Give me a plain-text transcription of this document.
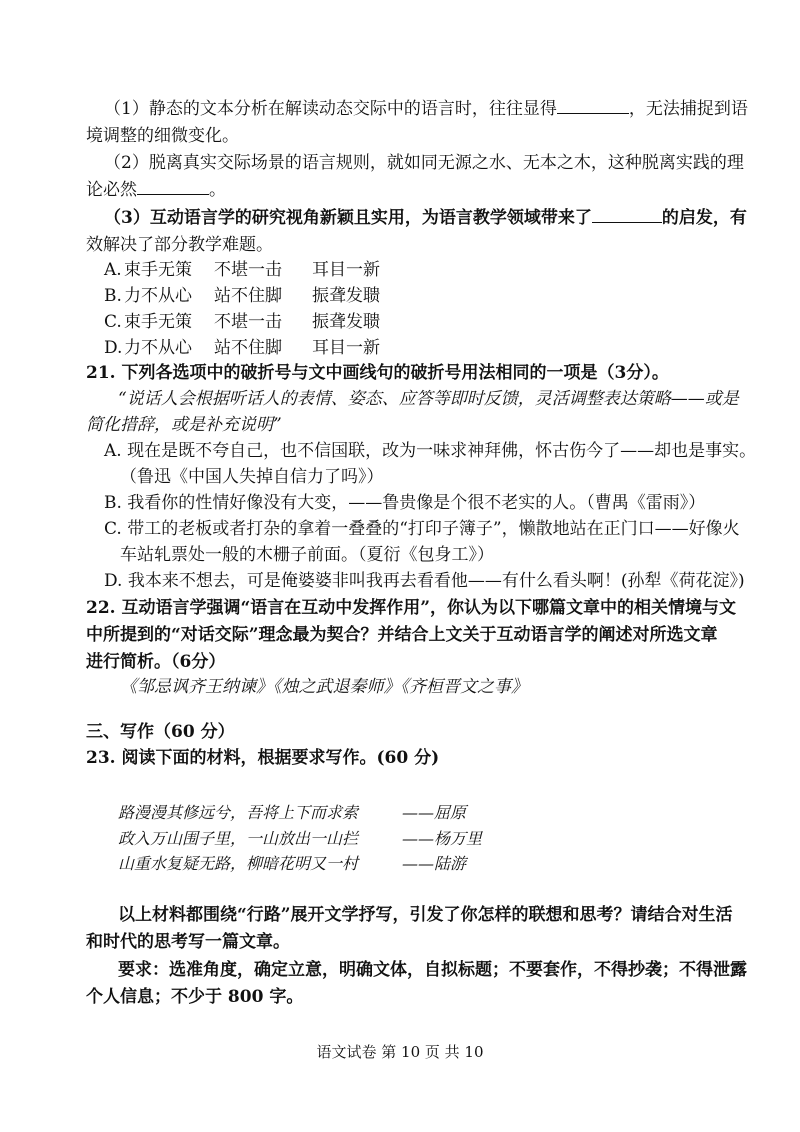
（1）静态的文本分析在解读动态交际中的语言时，往往显得	，无法捕捉到语
境调整的细微变化。
（2）脱离真实交际场景的语言规则，就如同无源之水、无本之木，这种脱离实践的理
论必然	。
（3）互动语言学的研究视角新颖且实用，为语言教学领域带来了	的启发，有
效解决了部分教学难题。
A. 束手无策 不堪一击 耳目一新
B. 力不从心 站不住脚 振聋发聩
C. 束手无策 不堪一击 振聋发聩
D. 力不从心 站不住脚 耳目一新
21. 下列各选项中的破折号与文中画线句的破折号用法相同的一项是（3分）。
“说话人会根据听话人的表情、姿态、应答等即时反馈，灵活调整表达策略——或是
简化措辞，或是补充说明”
A. 现在是既不夸自己，也不信国联，改为一味求神拜佛，怀古伤今了——却也是事实。
（鲁迅《中国人失掉自信力了吗》）
B. 我看你的性情好像没有大变，——鲁贵像是个很不老实的人。（曹禺《雷雨》）
C. 带工的老板或者打杂的拿着一叠叠的“打印子簿子”，懒散地站在正门口——好像火
车站轧票处一般的木栅子前面。（夏衍《包身工》）
D. 我本来不想去，可是俺婆婆非叫我再去看看他——有什么看头啊！(孙犁《荷花淀》)
22. 互动语言学强调“语言在互动中发挥作用”，你认为以下哪篇文章中的相关情境与文
中所提到的“对话交际”理念最为契合？并结合上文关于互动语言学的阐述对所选文章
进行简析。（6分）
《邹忌讽齐王纳谏》《烛之武退秦师》《齐桓晋文之事》
三、写作（60 分）
23. 阅读下面的材料，根据要求写作。(60 分)
路漫漫其修远兮，吾将上下而求索	——屈原
政入万山围子里，一山放出一山拦	——杨万里
山重水复疑无路，柳暗花明又一村	——陆游
以上材料都围绕“行路”展开文学抒写，引发了你怎样的联想和思考？请结合对生活
和时代的思考写一篇文章。
要求：选准角度，确定立意，明确文体，自拟标题；不要套作，不得抄袭；不得泄露
个人信息；不少于 800 字。
语文试卷 第 10 页 共 10
